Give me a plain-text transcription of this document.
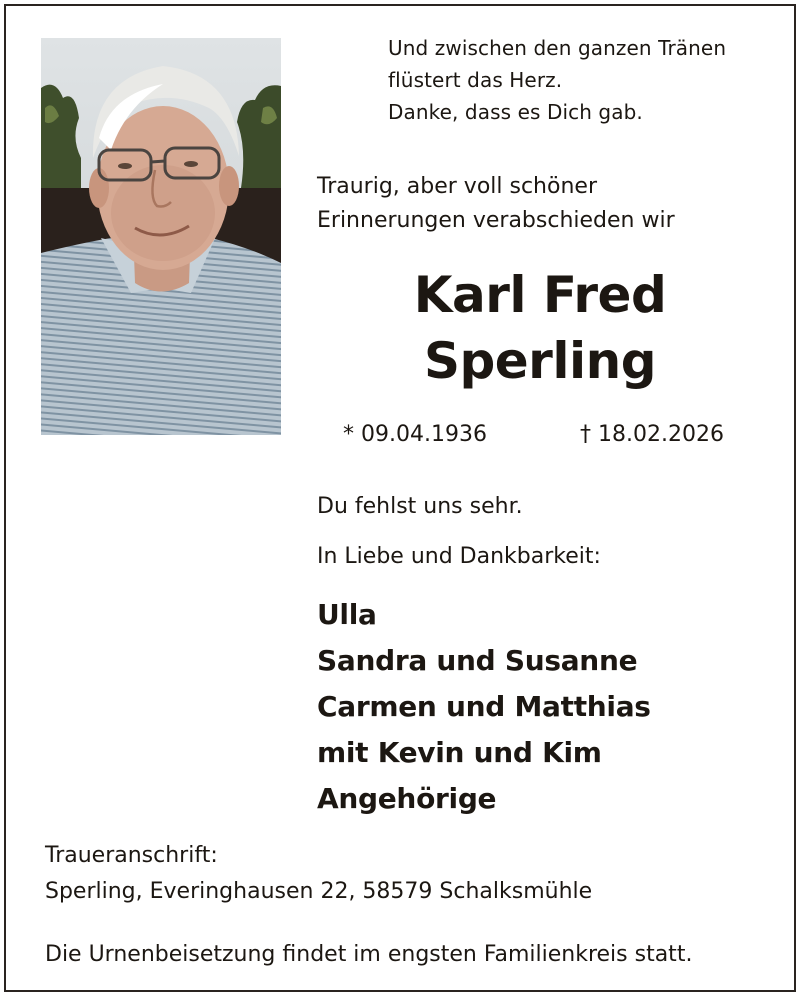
Und zwischen den ganzen Tränen
flüstert das Herz.
Danke, dass es Dich gab.
Traurig, aber voll schöner
Erinnerungen verabschieden wir
Karl Fred
Sperling
* 09.04.1936	† 18.02.2026
Du fehlst uns sehr.
In Liebe und Dankbarkeit:
Ulla
Sandra und Susanne
Carmen und Matthias
mit Kevin und Kim
Angehörige
Traueranschrift:
Sperling, Everinghausen 22, 58579 Schalksmühle
Die Urnenbeisetzung findet im engsten Familienkreis statt.
